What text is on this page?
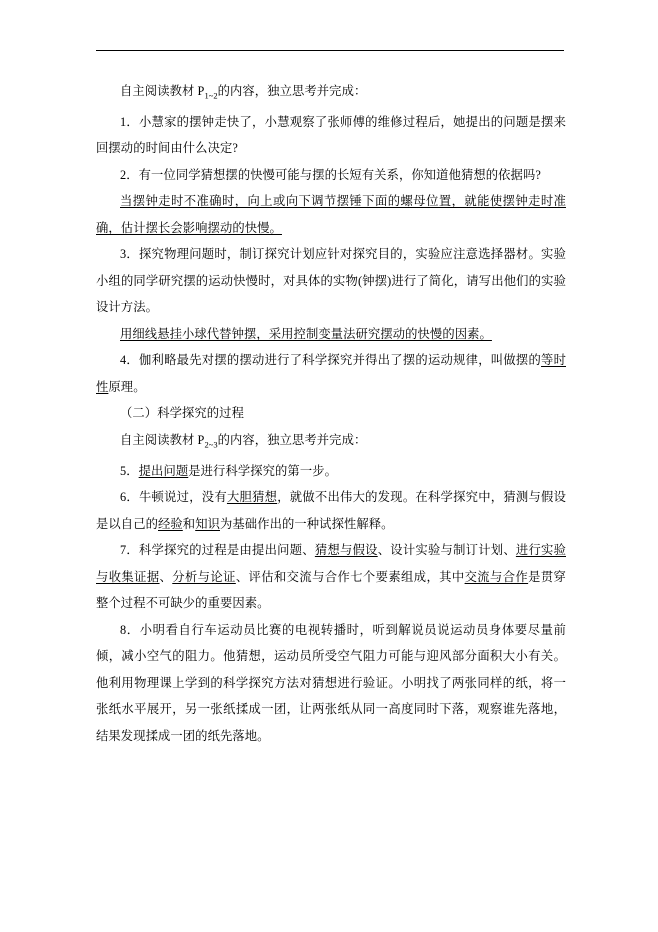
自主阅读教材 $P_{1\sim 2}$的内容，独立思考并完成：

1．小慧家的摆钟走快了，小慧观察了张师傅的维修过程后，她提出的问题是摆来回摆动的时间由什么决定?

2．有一位同学猜想摆的快慢可能与摆的长短有关系，你知道他猜想的依据吗?

当摆钟走时不准确时，向上或向下调节摆锤下面的螺母位置，就能使摆钟走时准确，估计摆长会影响摆动的快慢。

3．探究物理问题时，制订探究计划应针对探究目的，实验应注意选择器材。实验小组的同学研究摆的运动快慢时，对具体的实物(钟摆)进行了简化，请写出他们的实验设计方法。

用细线悬挂小球代替钟摆，采用控制变量法研究摆动的快慢的因素。

4．伽利略最先对摆的摆动进行了科学探究并得出了摆的运动规律，叫做摆的等时性原理。

（二）科学探究的过程

自主阅读教材 $P_{2\sim 3}$的内容，独立思考并完成：

5．提出问题是进行科学探究的第一步。

6．牛顿说过，没有大胆猜想，就做不出伟大的发现。在科学探究中，猜测与假设是以自己的经验和知识为基础作出的一种试探性解释。

7．科学探究的过程是由提出问题、猜想与假设、设计实验与制订计划、进行实验与收集证据、分析与论证、评估和交流与合作七个要素组成，其中交流与合作是贯穿整个过程不可缺少的重要因素。

8．小明看自行车运动员比赛的电视转播时，听到解说员说运动员身体要尽量前倾，减小空气的阻力。他猜想，运动员所受空气阻力可能与迎风部分面积大小有关。他利用物理课上学到的科学探究方法对猜想进行验证。小明找了两张同样的纸，将一张纸水平展开，另一张纸揉成一团，让两张纸从同一高度同时下落，观察谁先落地，结果发现揉成一团的纸先落地。
